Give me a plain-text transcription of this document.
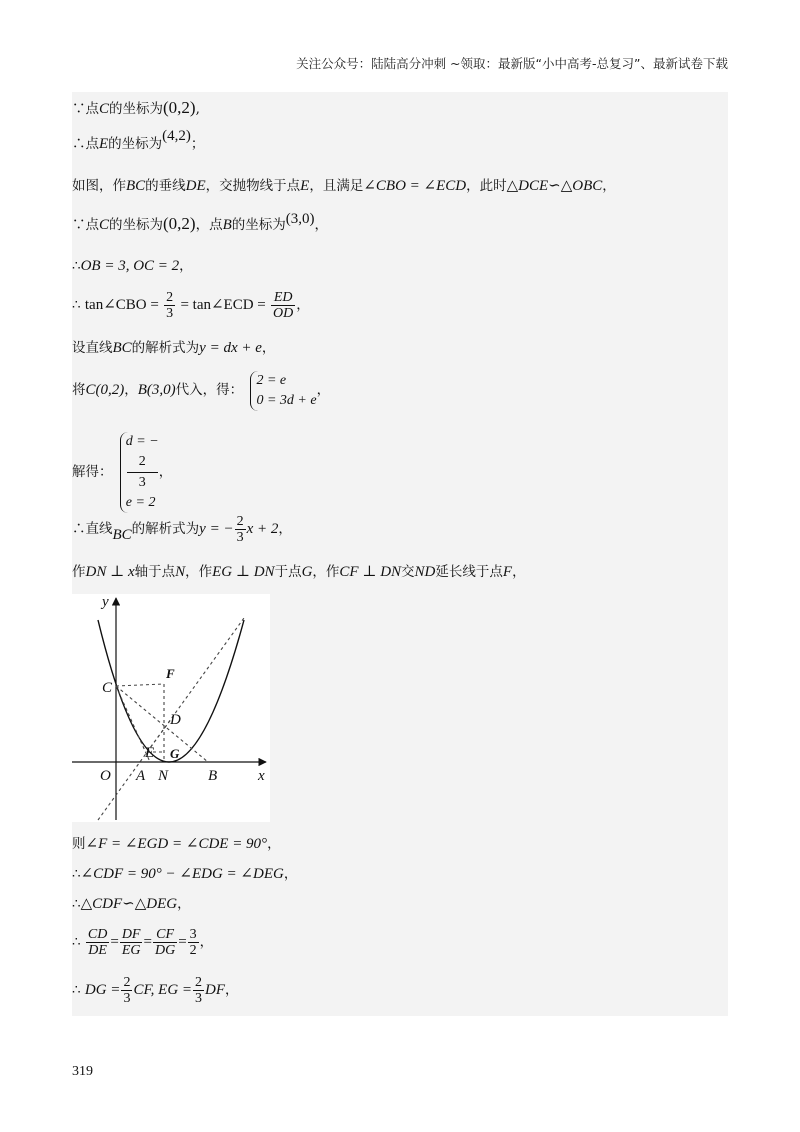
关注公众号：陆陆高分冲刺 ~领取：最新版“小中高考-总复习”、最新试卷下载
∵点C的坐标为(0,2),
∴点E的坐标为(4,2)；
如图，作BC的垂线DE，交抛物线于点E，且满足∠CBO = ∠ECD，此时△DCE∽△OBC，
∵点C的坐标为(0,2)，点B的坐标为(3,0)，
∴OB = 3, OC = 2，
∴ tan∠CBO = $\frac{2}{3}$ = tan∠ECD = $\frac{ED}{OD}$ ，
设直线BC的解析式为y = dx + e，
将C(0,2)，B(3,0)代入，得：
2 = e
0 = 3d + e
，
解得：
d = −
2
3
e = 2
，
∴直线BC的解析式为y = − $\frac{2}{3}$ x + 2，
作DN ⊥ x轴于点N，作EG ⊥ DN于点G，作CF ⊥ DN交ND延长线于点F，
y
x
O A N	B
C
F
D
E G
则∠F = ∠EGD = ∠CDE = 90°，
∴∠CDF = 90° − ∠EDG = ∠DEG，
∴△CDF∽△DEG，
∴ $\frac{CD}{DE} = \frac{DF}{EG} = \frac{CF}{DG} = \frac{3}{2}$ ，
∴ DG = $\frac{2}{3}$ CF, EG = $\frac{2}{3}$ DF，
319
